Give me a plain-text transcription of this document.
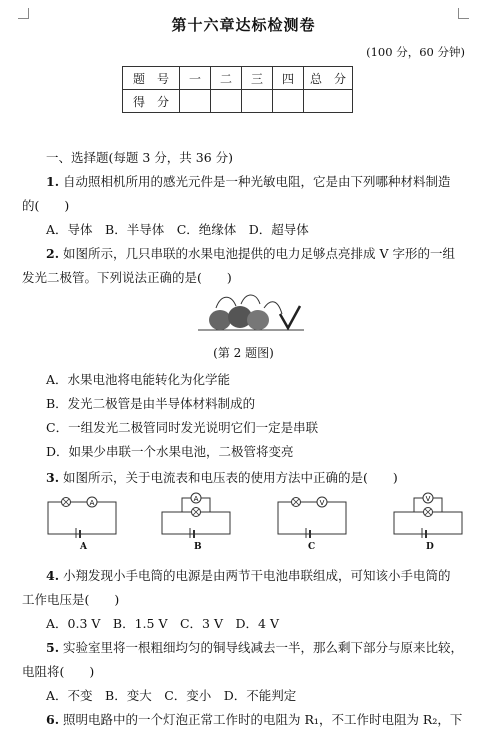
第十六章达标检测卷
(100 分，60 分钟)
题　号	一	二	三	四	总　分
得　分					
一、选择题(每题 3 分，共 36 分)
1. 自动照相机所用的感光元件是一种光敏电阻，它是由下列哪种材料制造
的(　　)
A．导体　B．半导体　C．绝缘体　D．超导体
2. 如图所示，几只串联的水果电池提供的电力足够点亮排成 V 字形的一组
发光二极管。下列说法正确的是(　　)
(第 2 题图)
A．水果电池将电能转化为化学能
B．发光二极管是由半导体材料制成的
C．一组发光二极管同时发光说明它们一定是串联
D．如果少串联一个水果电池，二极管将变亮
3. 如图所示，关于电流表和电压表的使用方法中正确的是(　　)
A
A
A
B
V
C
V
D
4. 小翔发现小手电筒的电源是由两节干电池串联组成，可知该小手电筒的
工作电压是(　　)
A．0.3 V　B．1.5 V　C．3 V　D．4 V
5. 实验室里将一根粗细均匀的铜导线减去一半，那么剩下部分与原来比较，
电阻将(　　)
A．不变　B．变大　C．变小　D．不能判定
6. 照明电路中的一个灯泡正常工作时的电阻为 R₁，不工作时电阻为 R₂，下
